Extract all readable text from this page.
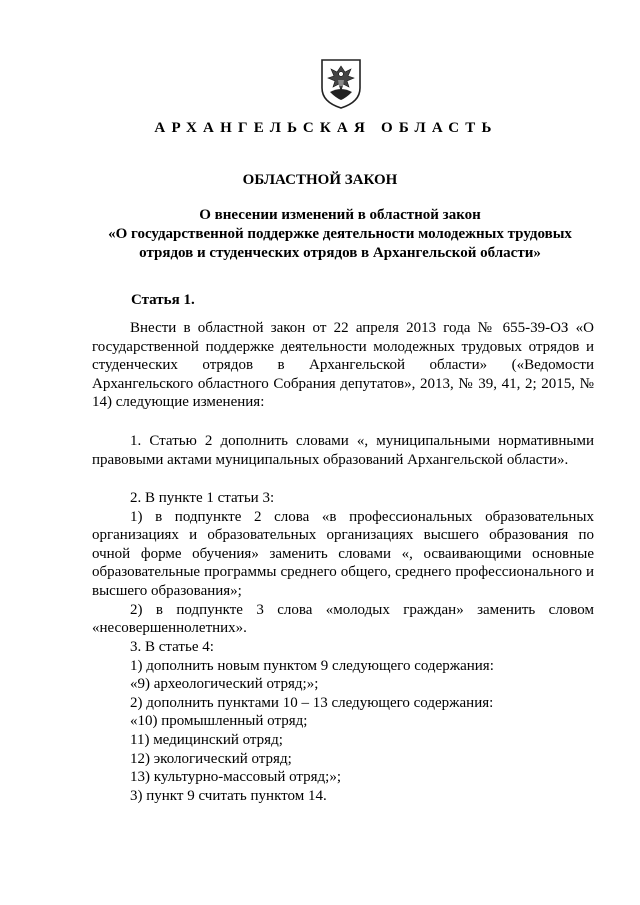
АРХАНГЕЛЬСКАЯ ОБЛАСТЬ
ОБЛАСТНОЙ ЗАКОН
О внесении изменений в областной закон
«О государственной поддержке деятельности молодежных трудовых
отрядов и студенческих отрядов в Архангельской области»
Статья 1.

Внести в областной закон от 22 апреля 2013 года № 655-39-ОЗ «О государственной поддержке деятельности молодежных трудовых отрядов и студенческих отрядов в Архангельской области» («Ведомости Архангельского областного Собрания депутатов», 2013, № 39, 41, 2; 2015, № 14) следующие изменения:

1. Статью 2 дополнить словами «, муниципальными нормативными правовыми актами муниципальных образований Архангельской области».

2. В пункте 1 статьи 3:

1) в подпункте 2 слова «в профессиональных образовательных организациях и образовательных организациях высшего образования по очной форме обучения» заменить словами «, осваивающими основные образовательные программы среднего общего, среднего профессионального и высшего образования»;

2) в подпункте 3 слова «молодых граждан» заменить словом «несовершеннолетних».

3. В статье 4:

1) дополнить новым пунктом 9 следующего содержания:

«9) археологический отряд;»;

2) дополнить пунктами 10 – 13 следующего содержания:

«10) промышленный отряд;

11) медицинский отряд;

12) экологический отряд;

13) культурно-массовый отряд;»;

3) пункт 9 считать пунктом 14.
